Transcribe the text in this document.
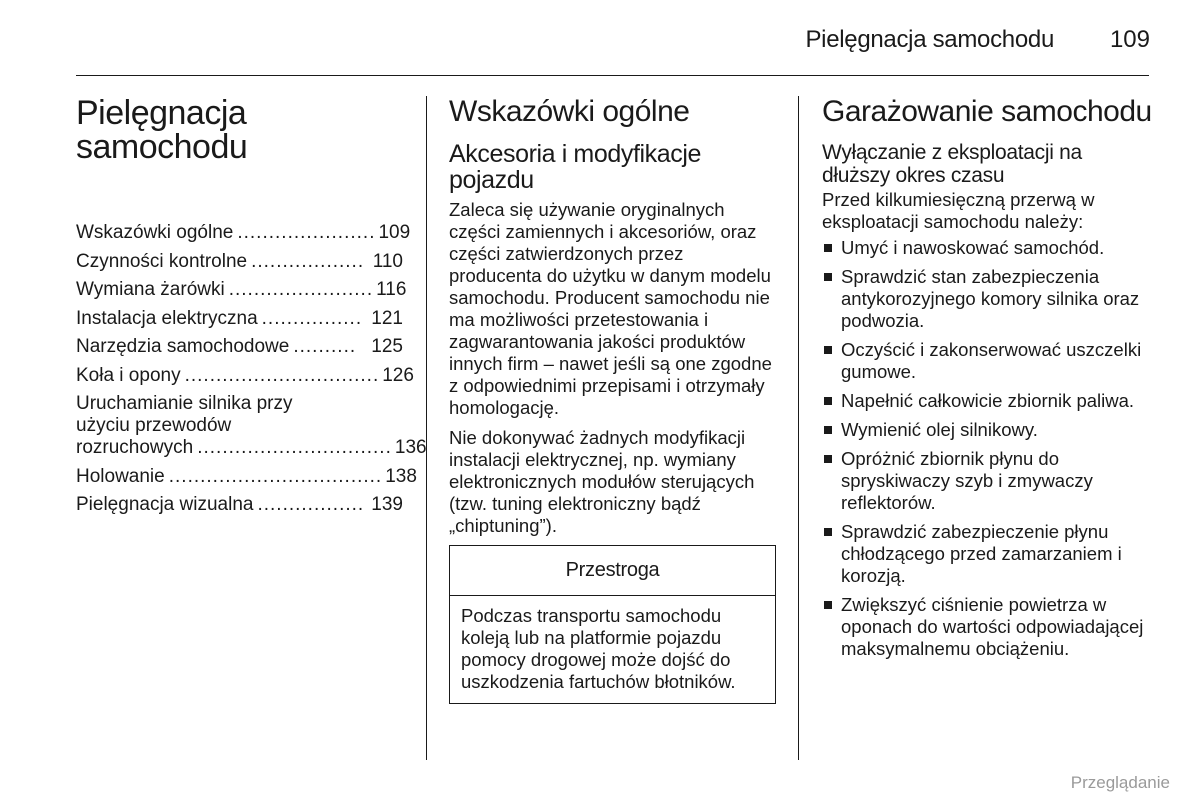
Pielęgnacja samochodu 109
Pielęgnacja
samochodu
Wskazówki ogólne ...................... 109
Czynności kontrolne .................. 110
Wymiana żarówki ....................... 116
Instalacja elektryczna ................ 121
Narzędzia samochodowe .......... 125
Koła i opony ............................... 126
Uruchamianie silnika przy
użyciu przewodów
rozruchowych ............................... 136
Holowanie .................................. 138
Pielęgnacja wizualna ................. 139
Wskazówki ogólne
Akcesoria i modyfikacje pojazdu
Zaleca się używanie oryginalnych części zamiennych i akcesoriów, oraz części zatwierdzonych przez producenta do użytku w danym modelu samochodu. Producent samochodu nie ma możliwości przetestowania i zagwarantowania jakości produktów innych firm – nawet jeśli są one zgodne z odpowiednimi przepisami i otrzymały homologację.
Nie dokonywać żadnych modyfikacji instalacji elektrycznej, np. wymiany elektronicznych modułów sterujących (tzw. tuning elektroniczny bądź „chiptuning”).
Przestroga
Podczas transportu samochodu koleją lub na platformie pojazdu pomocy drogowej może dojść do uszkodzenia fartuchów błotników.
Garażowanie samochodu
Wyłączanie z eksploatacji na dłuższy okres czasu
Przed kilkumiesięczną przerwą w eksploatacji samochodu należy:
Umyć i nawoskować samochód.
Sprawdzić stan zabezpieczenia antykorozyjnego komory silnika oraz podwozia.
Oczyścić i zakonserwować uszczelki gumowe.
Napełnić całkowicie zbiornik paliwa.
Wymienić olej silnikowy.
Opróżnić zbiornik płynu do spryskiwaczy szyb i zmywaczy reflektorów.
Sprawdzić zabezpieczenie płynu chłodzącego przed zamarzaniem i korozją.
Zwiększyć ciśnienie powietrza w oponach do wartości odpowiadającej maksymalnemu obciążeniu.
Przeglądanie
